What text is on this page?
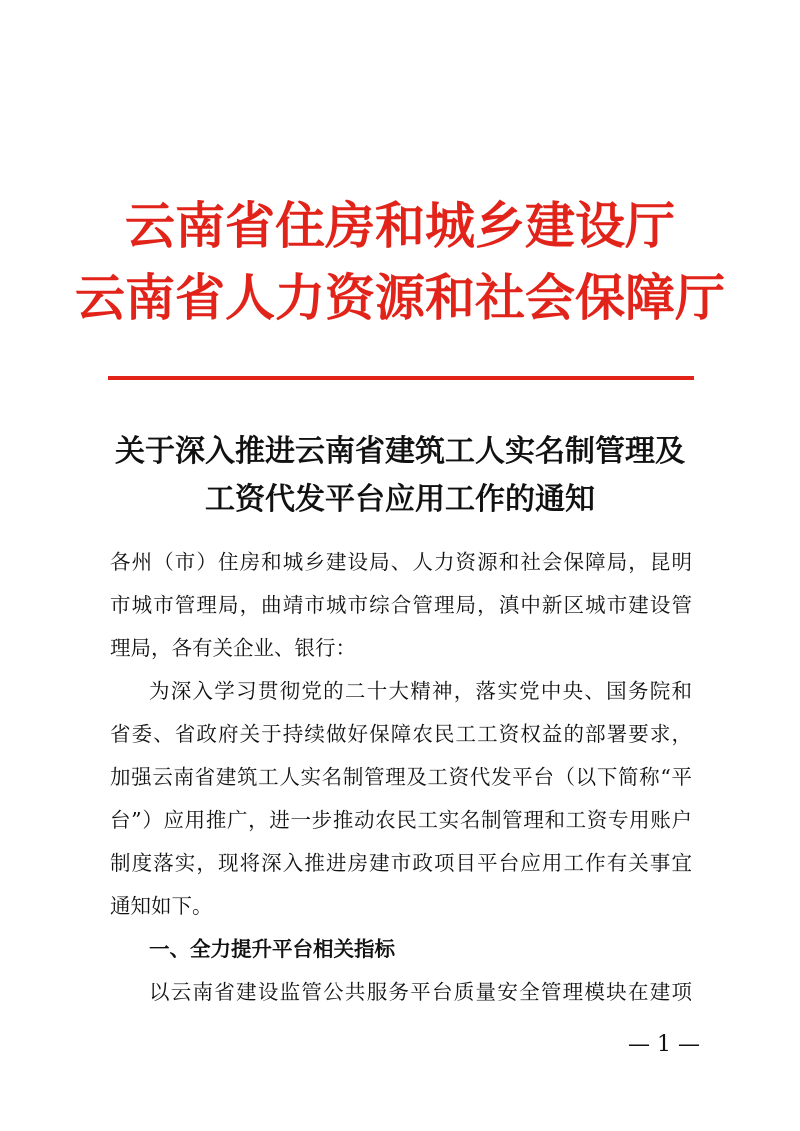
云南省住房和城乡建设厅
云南省人力资源和社会保障厅
关于深入推进云南省建筑工人实名制管理及
工资代发平台应用工作的通知
各州（市）住房和城乡建设局、人力资源和社会保障局，昆明
市城市管理局，曲靖市城市综合管理局，滇中新区城市建设管
理局，各有关企业、银行：
为深入学习贯彻党的二十大精神，落实党中央、国务院和
省委、省政府关于持续做好保障农民工工资权益的部署要求，
加强云南省建筑工人实名制管理及工资代发平台（以下简称“平
台”）应用推广，进一步推动农民工实名制管理和工资专用账户
制度落实，现将深入推进房建市政项目平台应用工作有关事宜
通知如下。
一、全力提升平台相关指标
以云南省建设监管公共服务平台质量安全管理模块在建项
— 1 —
